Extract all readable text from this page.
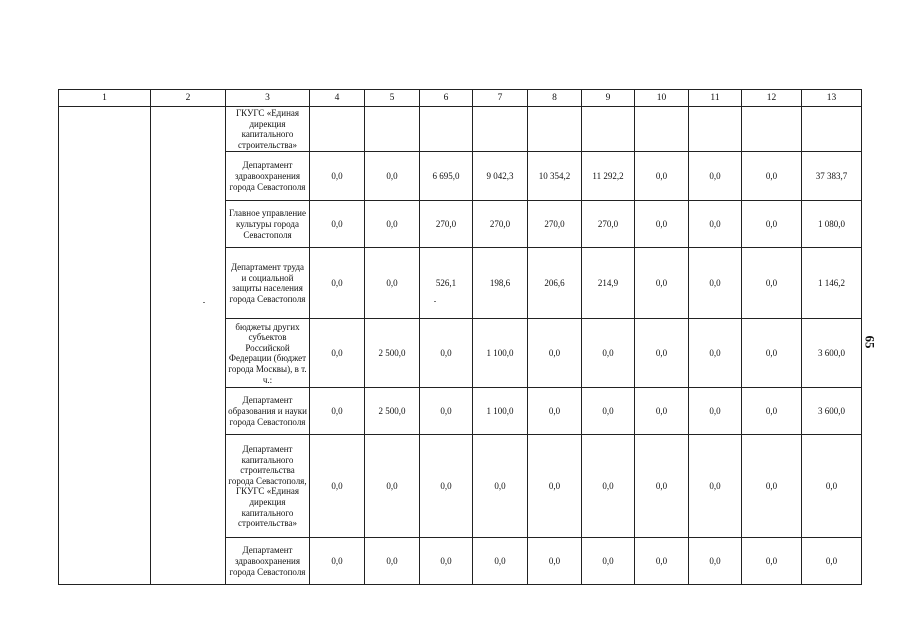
1	2	3	4	5	6	7	8	9	10	11	12	13
		ГКУГС «Единая дирекция капитального строительства»										
		Департамент здравоохранения города Севастополя	0,0	0,0	6 695,0	9 042,3	10 354,2	11 292,2	0,0	0,0	0,0	37 383,7
		Главное управление культуры города Севастополя	0,0	0,0	270,0	270,0	270,0	270,0	0,0	0,0	0,0	1 080,0
		Департамент труда и социальной защиты населения города Севастополя	0,0	0,0	526,1	198,6	206,6	214,9	0,0	0,0	0,0	1 146,2
		бюджеты других субъектов Российской Федерации (бюджет города Москвы), в т. ч.:	0,0	2 500,0	0,0	1 100,0	0,0	0,0	0,0	0,0	0,0	3 600,0
		Департамент образования и науки города Севастополя	0,0	2 500,0	0,0	1 100,0	0,0	0,0	0,0	0,0	0,0	3 600,0
		Департамент капитального строительства города Севастополя, ГКУГС «Единая дирекция капитального строительства»	0,0	0,0	0,0	0,0	0,0	0,0	0,0	0,0	0,0	0,0
		Департамент здравоохранения города Севастополя	0,0	0,0	0,0	0,0	0,0	0,0	0,0	0,0	0,0	0,0
65
